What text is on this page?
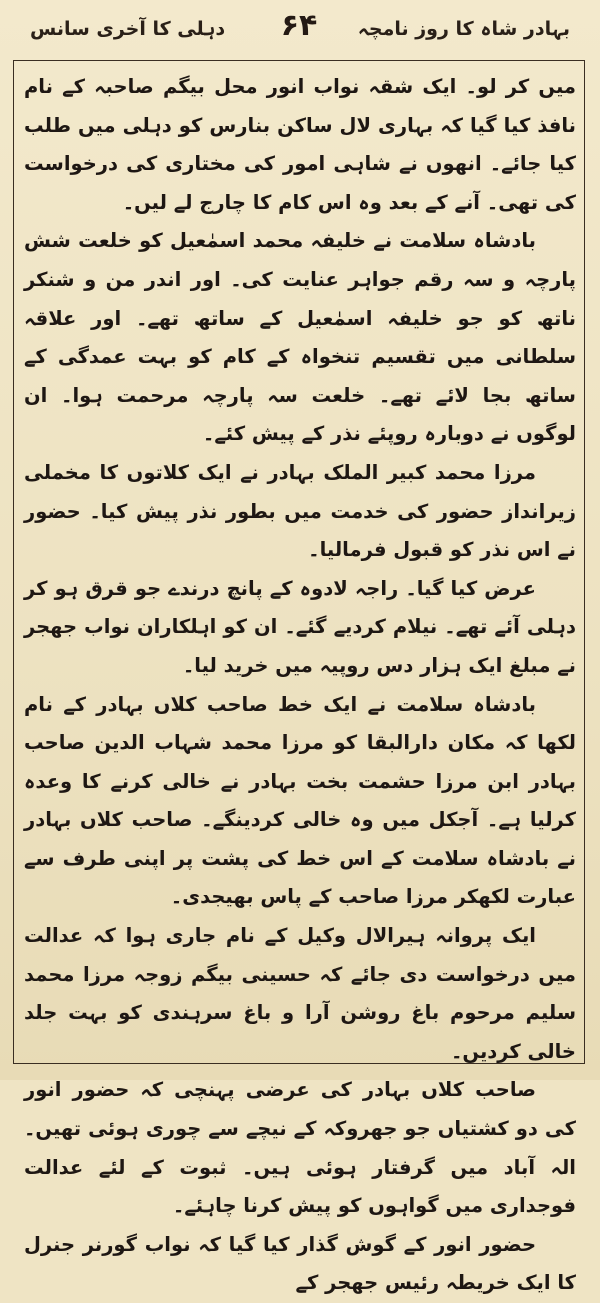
بہادر شاہ کا روز نامچہ
۶۴
دہلی کا آخری سانس

میں کر لو۔ ایک شقہ نواب انور محل بیگم صاحبہ کے نام نافذ کیا گیا کہ بہاری لال ساکن بنارس کو دہلی میں طلب کیا جائے۔ انھوں نے شاہی امور کی مختاری کی درخواست کی تھی۔ آنے کے بعد وہ اس کام کا چارج لے لیں۔

بادشاہ سلامت نے خلیفہ محمد اسمٰعیل کو خلعت شش پارچہ و سہ رقم جواہر عنایت کی۔ اور اندر من و شنکر ناتھ کو جو خلیفہ اسمٰعیل کے ساتھ تھے۔ اور علاقہ سلطانی میں تقسیم تنخواہ کے کام کو بہت عمدگی کے ساتھ بجا لائے تھے۔ خلعت سہ پارچہ مرحمت ہوا۔ ان لوگوں نے دوبارہ روپئے نذر کے پیش کئے۔

مرزا محمد کبیر الملک بہادر نے ایک کلاتوں کا مخملی زیرانداز حضور کی خدمت میں بطور نذر پیش کیا۔ حضور نے اس نذر کو قبول فرمالیا۔

عرض کیا گیا۔ راجہ لادوہ کے پانچ درندے جو قرق ہو کر دہلی آئے تھے۔ نیلام کردیے گئے۔ ان کو اہلکاران نواب جھجر نے مبلغ ایک ہزار دس روپیہ میں خرید لیا۔

بادشاہ سلامت نے ایک خط صاحب کلاں بہادر کے نام لکھا کہ مکان دارالبقا کو مرزا محمد شہاب الدین صاحب بہادر ابن مرزا حشمت بخت بہادر نے خالی کرنے کا وعدہ کرلیا ہے۔ آجکل میں وہ خالی کردینگے۔ صاحب کلاں بہادر نے بادشاہ سلامت کے اس خط کی پشت پر اپنی طرف سے عبارت لکھکر مرزا صاحب کے پاس بھیجدی۔

ایک پروانہ ہیرالال وکیل کے نام جاری ہوا کہ عدالت میں درخواست دی جائے کہ حسینی بیگم زوجہ مرزا محمد سلیم مرحوم باغ روشن آرا و باغ سرہندی کو بہت جلد خالی کردیں۔

صاحب کلاں بہادر کی عرضی پہنچی کہ حضور انور کی دو کشتیاں جو جھروکہ کے نیچے سے چوری ہوئی تھیں۔ الہ آباد میں گرفتار ہوئی ہیں۔ ثبوت کے لئے عدالت فوجداری میں گواہوں کو پیش کرنا چاہئے۔

حضور انور کے گوش گذار کیا گیا کہ نواب گورنر جنرل کا ایک خریطہ رئیس جھجر کے
